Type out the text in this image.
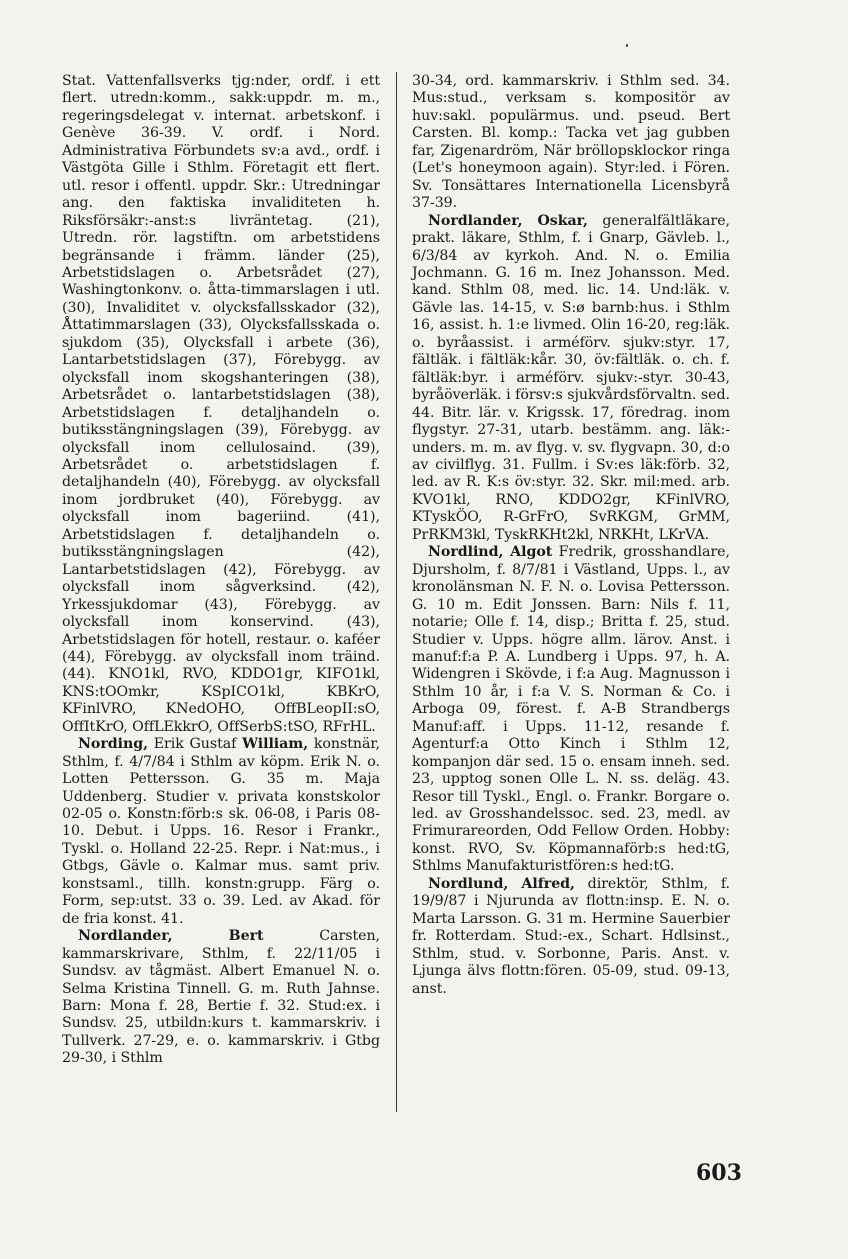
Stat. Vattenfallsverks tjg:nder, ordf. i ett flert. utredn:komm., sakk:uppdr. m. m., regeringsdelegat v. internat. arbetskonf. i Genève 36-39. V. ordf. i Nord. Administrativa Förbundets sv:a avd., ordf. i Västgöta Gille i Sthlm. Företagit ett flert. utl. resor i offentl. uppdr. Skr.: Utredningar ang. den faktiska invaliditeten h. Riksförsäkr:-anst:s livräntetag. (21), Utredn. rör. lagstiftn. om arbetstidens begränsande i främm. länder (25), Arbetstidslagen o. Arbetsrådet (27), Washingtonkonv. o. åtta-timmarslagen i utl. (30), Invaliditet v. olycksfallsskador (32), Åttatimmarslagen (33), Olycksfallsskada o. sjukdom (35), Olycksfall i arbete (36), Lantarbetstidslagen (37), Förebygg. av olycksfall inom skogshanteringen (38), Arbetsrådet o. lantarbetstidslagen (38), Arbetstidslagen f. detaljhandeln o. butiksstängningslagen (39), Förebygg. av olycksfall inom cellulosaind. (39), Arbetsrådet o. arbetstidslagen f. detaljhandeln (40), Förebygg. av olycksfall inom jordbruket (40), Förebygg. av olycksfall inom bageriind. (41), Arbetstidslagen f. detaljhandeln o. butiksstängningslagen (42), Lantarbetstidslagen (42), Förebygg. av olycksfall inom sågverksind. (42), Yrkessjukdomar (43), Förebygg. av olycksfall inom konservind. (43), Arbetstidslagen för hotell, restaur. o. kaféer (44), Förebygg. av olycksfall inom träind. (44). KNO1kl, RVO, KDDO1gr, KIFO1kl, KNS:tOOmkr, KSpICO1kl, KBKrO, KFinlVRO, KNedOHO, OffBLeopII:sO, OffItKrO, OffLEkkrO, OffSerbS:tSO, RFrHL.

Nording, Erik Gustaf William, konstnär, Sthlm, f. 4/7/84 i Sthlm av köpm. Erik N. o. Lotten Pettersson. G. 35 m. Maja Uddenberg. Studier v. privata konstskolor 02-05 o. Konstn:förb:s sk. 06-08, i Paris 08-10. Debut. i Upps. 16. Resor i Frankr., Tyskl. o. Holland 22-25. Repr. i Nat:mus., i Gtbgs, Gävle o. Kalmar mus. samt priv. konstsaml., tillh. konstn:grupp. Färg o. Form, sep:utst. 33 o. 39. Led. av Akad. för de fria konst. 41.

Nordlander, Bert Carsten, kammarskrivare, Sthlm, f. 22/11/05 i Sundsv. av tågmäst. Albert Emanuel N. o. Selma Kristina Tinnell. G. m. Ruth Jahnse. Barn: Mona f. 28, Bertie f. 32. Stud:ex. i Sundsv. 25, utbildn:kurs t. kammarskriv. i Tullverk. 27-29, e. o. kammarskriv. i Gtbg 29-30, i Sthlm

30-34, ord. kammarskriv. i Sthlm sed. 34. Mus:stud., verksam s. kompositör av huv:sakl. populärmus. und. pseud. Bert Carsten. Bl. komp.: Tacka vet jag gubben far, Zigenardröm, När bröllopsklockor ringa (Let's honeymoon again). Styr:led. i Fören. Sv. Tonsättares Internationella Licensbyrå 37-39.

Nordlander, Oskar, generalfältläkare, prakt. läkare, Sthlm, f. i Gnarp, Gävleb. l., 6/3/84 av kyrkoh. And. N. o. Emilia Jochmann. G. 16 m. Inez Johansson. Med. kand. Sthlm 08, med. lic. 14. Und:läk. v. Gävle las. 14-15, v. S:ø barnb:hus. i Sthlm 16, assist. h. 1:e livmed. Olin 16-20, reg:läk. o. byråassist. i arméförv. sjukv:styr. 17, fältläk. i fältläk:kår. 30, öv:fältläk. o. ch. f. fältläk:byr. i arméförv. sjukv:-styr. 30-43, byråöverläk. i försv:s sjukvårdsförvaltn. sed. 44. Bitr. lär. v. Krigssk. 17, föredrag. inom flygstyr. 27-31, utarb. bestämm. ang. läk:-unders. m. m. av flyg. v. sv. flygvapn. 30, d:o av civilflyg. 31. Fullm. i Sv:es läk:förb. 32, led. av R. K:s öv:styr. 32. Skr. mil:med. arb. KVO1kl, RNO, KDDO2gr, KFinlVRO, KTyskÖO, R-GrFrO, SvRKGM, GrMM, PrRKM3kl, TyskRKHt2kl, NRKHt, LKrVA.

Nordlind, Algot Fredrik, grosshandlare, Djursholm, f. 8/7/81 i Västland, Upps. l., av kronolänsman N. F. N. o. Lovisa Pettersson. G. 10 m. Edit Jonssen. Barn: Nils f. 11, notarie; Olle f. 14, disp.; Britta f. 25, stud. Studier v. Upps. högre allm. lärov. Anst. i manuf:f:a P. A. Lundberg i Upps. 97, h. A. Widengren i Skövde, i f:a Aug. Magnusson i Sthlm 10 år, i f:a V. S. Norman & Co. i Arboga 09, förest. f. A-B Strandbergs Manuf:aff. i Upps. 11-12, resande f. Agenturf:a Otto Kinch i Sthlm 12, kompanjon där sed. 15 o. ensam inneh. sed. 23, upptog sonen Olle L. N. ss. deläg. 43. Resor till Tyskl., Engl. o. Frankr. Borgare o. led. av Grosshandelssoc. sed. 23, medl. av Frimurareorden, Odd Fellow Orden. Hobby: konst. RVO, Sv. Köpmannaförb:s hed:tG, Sthlms Manufakturistfören:s hed:tG.

Nordlund, Alfred, direktör, Sthlm, f. 19/9/87 i Njurunda av flottn:insp. E. N. o. Marta Larsson. G. 31 m. Hermine Sauerbier fr. Rotterdam. Stud:-ex., Schart. Hdlsinst., Sthlm, stud. v. Sorbonne, Paris. Anst. v. Ljunga älvs flottn:fören. 05-09, stud. 09-13, anst.

603
